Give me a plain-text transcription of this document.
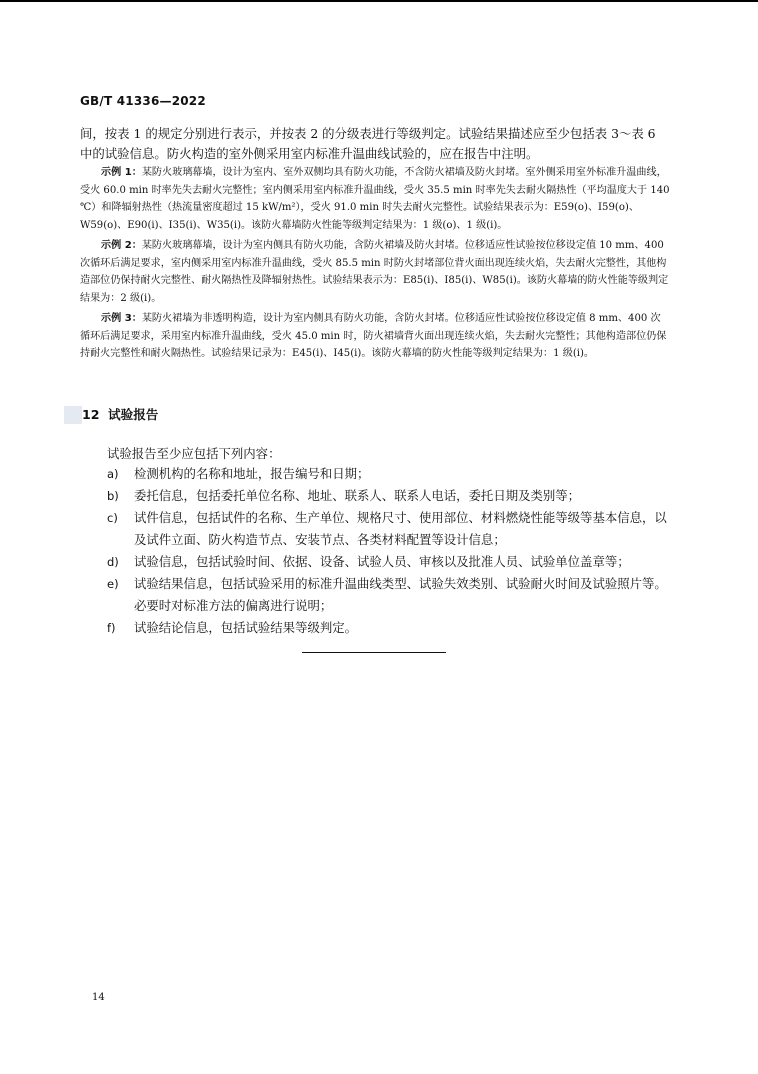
GB/T 41336—2022

间，按表 1 的规定分别进行表示，并按表 2 的分级表进行等级判定。试验结果描述应至少包括表 3～表 6 中的试验信息。防火构造的室外侧采用室内标准升温曲线试验的，应在报告中注明。

示例 1：某防火玻璃幕墙，设计为室内、室外双侧均具有防火功能，不含防火裙墙及防火封堵。室外侧采用室外标准升温曲线，受火 60.0 min 时率先失去耐火完整性；室内侧采用室内标准升温曲线，受火 35.5 min 时率先失去耐火隔热性（平均温度大于 140 ℃）和降辐射热性（热流量密度超过 15 kW/m²），受火 91.0 min 时失去耐火完整性。试验结果表示为：E59(o)、I59(o)、W59(o)、E90(i)、I35(i)、W35(i)。该防火幕墙防火性能等级判定结果为：1 级(o)、1 级(i)。

示例 2：某防火玻璃幕墙，设计为室内侧具有防火功能，含防火裙墙及防火封堵。位移适应性试验按位移设定值 10 mm、400 次循环后满足要求，室内侧采用室内标准升温曲线，受火 85.5 min 时防火封堵部位背火面出现连续火焰，失去耐火完整性，其他构造部位仍保持耐火完整性、耐火隔热性及降辐射热性。试验结果表示为：E85(i)、I85(i)、W85(i)。该防火幕墙的防火性能等级判定结果为：2 级(i)。

示例 3：某防火裙墙为非透明构造，设计为室内侧具有防火功能，含防火封堵。位移适应性试验按位移设定值 8 mm、400 次循环后满足要求，采用室内标准升温曲线，受火 45.0 min 时，防火裙墙背火面出现连续火焰，失去耐火完整性；其他构造部位仍保持耐火完整性和耐火隔热性。试验结果记录为：E45(i)、I45(i)。该防火幕墙的防火性能等级判定结果为：1 级(i)。

12 试验报告

试验报告至少应包括下列内容：

a) 检测机构的名称和地址，报告编号和日期；
b) 委托信息，包括委托单位名称、地址、联系人、联系人电话，委托日期及类别等；
c) 试件信息，包括试件的名称、生产单位、规格尺寸、使用部位、材料燃烧性能等级等基本信息，以及试件立面、防火构造节点、安装节点、各类材料配置等设计信息；
d) 试验信息，包括试验时间、依据、设备、试验人员、审核以及批准人员、试验单位盖章等；
e) 试验结果信息，包括试验采用的标准升温曲线类型、试验失效类别、试验耐火时间及试验照片等。必要时对标准方法的偏离进行说明；
f) 试验结论信息，包括试验结果等级判定。
14
